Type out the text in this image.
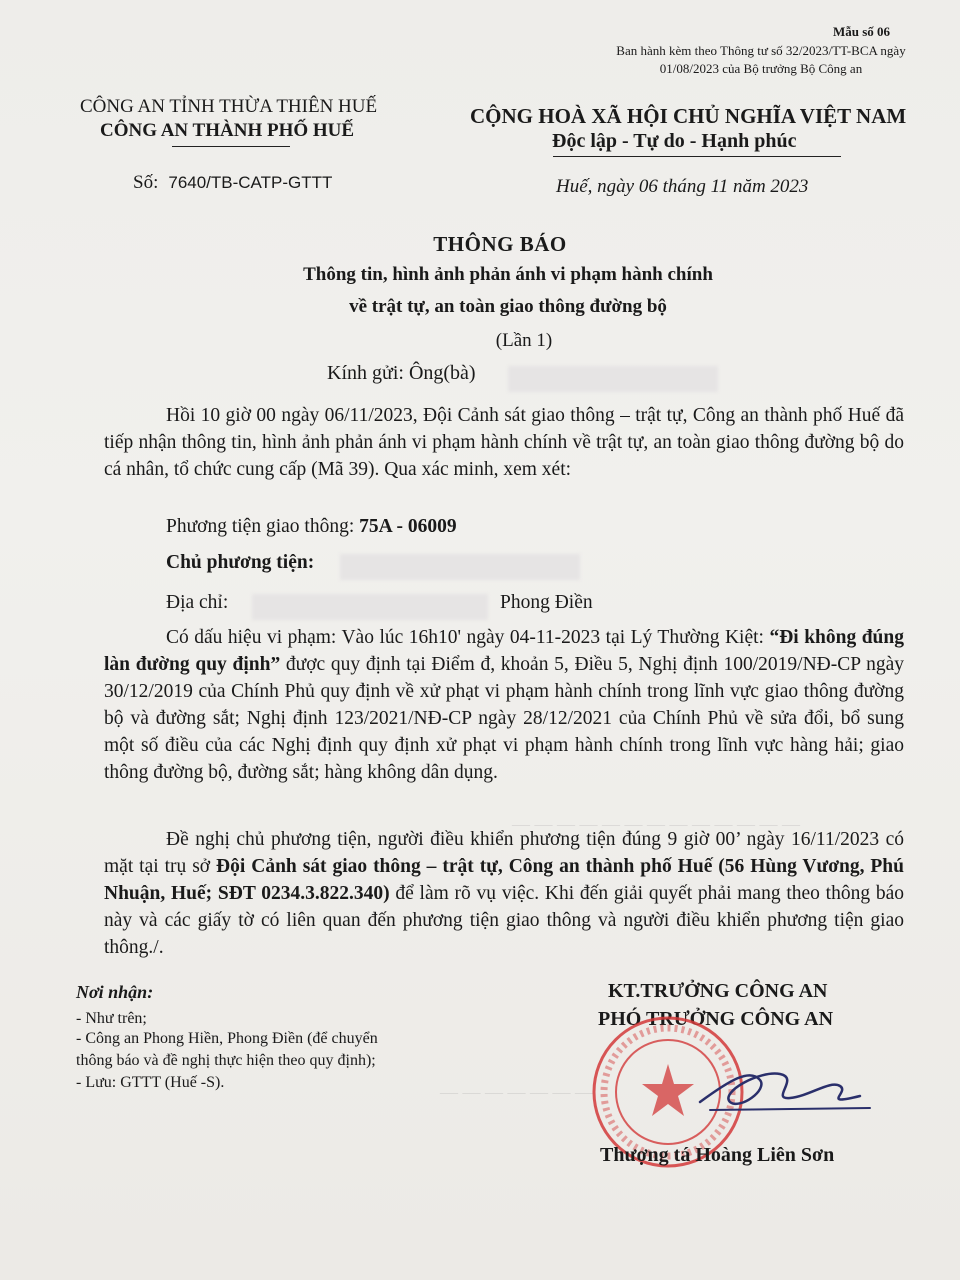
— — — — — — — — — — — — —
— — — — — — —
Mẫu số 06
Ban hành kèm theo Thông tư số 32/2023/TT-BCA ngày 01/08/2023 của Bộ trưởng Bộ Công an
CÔNG AN TỈNH THỪA THIÊN HUẾ
CÔNG AN THÀNH PHỐ HUẾ
CỘNG HOÀ XÃ HỘI CHỦ NGHĨA VIỆT NAM
Độc lập - Tự do - Hạnh phúc
Số: 7640/TB-CATP-GTTT	Huế, ngày 06 tháng 11 năm 2023
THÔNG BÁO
Thông tin, hình ảnh phản ánh vi phạm hành chính
về trật tự, an toàn giao thông đường bộ
(Lần 1)
Kính gửi: Ông(bà)
Hồi 10 giờ 00 ngày 06/11/2023, Đội Cảnh sát giao thông – trật tự, Công an thành phố Huế đã tiếp nhận thông tin, hình ảnh phản ánh vi phạm hành chính về trật tự, an toàn giao thông đường bộ do cá nhân, tổ chức cung cấp (Mã 39). Qua xác minh, xem xét:
Phương tiện giao thông: 75A - 06009
Chủ phương tiện:
Địa chỉ:	Phong Điền
Có dấu hiệu vi phạm: Vào lúc 16h10' ngày 04-11-2023 tại Lý Thường Kiệt: “Đi không đúng làn đường quy định” được quy định tại Điểm đ, khoản 5, Điều 5, Nghị định 100/2019/NĐ-CP ngày 30/12/2019 của Chính Phủ quy định về xử phạt vi phạm hành chính trong lĩnh vực giao thông đường bộ và đường sắt; Nghị định 123/2021/NĐ-CP ngày 28/12/2021 của Chính Phủ về sửa đổi, bổ sung một số điều của các Nghị định quy định xử phạt vi phạm hành chính trong lĩnh vực hàng hải; giao thông đường bộ, đường sắt; hàng không dân dụng.
Đề nghị chủ phương tiện, người điều khiển phương tiện đúng 9 giờ 00’ ngày 16/11/2023 có mặt tại trụ sở Đội Cảnh sát giao thông – trật tự, Công an thành phố Huế (56 Hùng Vương, Phú Nhuận, Huế; SĐT 0234.3.822.340) để làm rõ vụ việc. Khi đến giải quyết phải mang theo thông báo này và các giấy tờ có liên quan đến phương tiện giao thông và người điều khiển phương tiện giao thông./.
Nơi nhận:
- Như trên;
- Công an Phong Hiền, Phong Điền (để chuyển
thông báo và đề nghị thực hiện theo quy định);
- Lưu: GTTT (Huế -S).
KT.TRƯỞNG CÔNG AN
PHÓ TRƯỞNG CÔNG AN
Thượng tá Hoàng Liên Sơn
